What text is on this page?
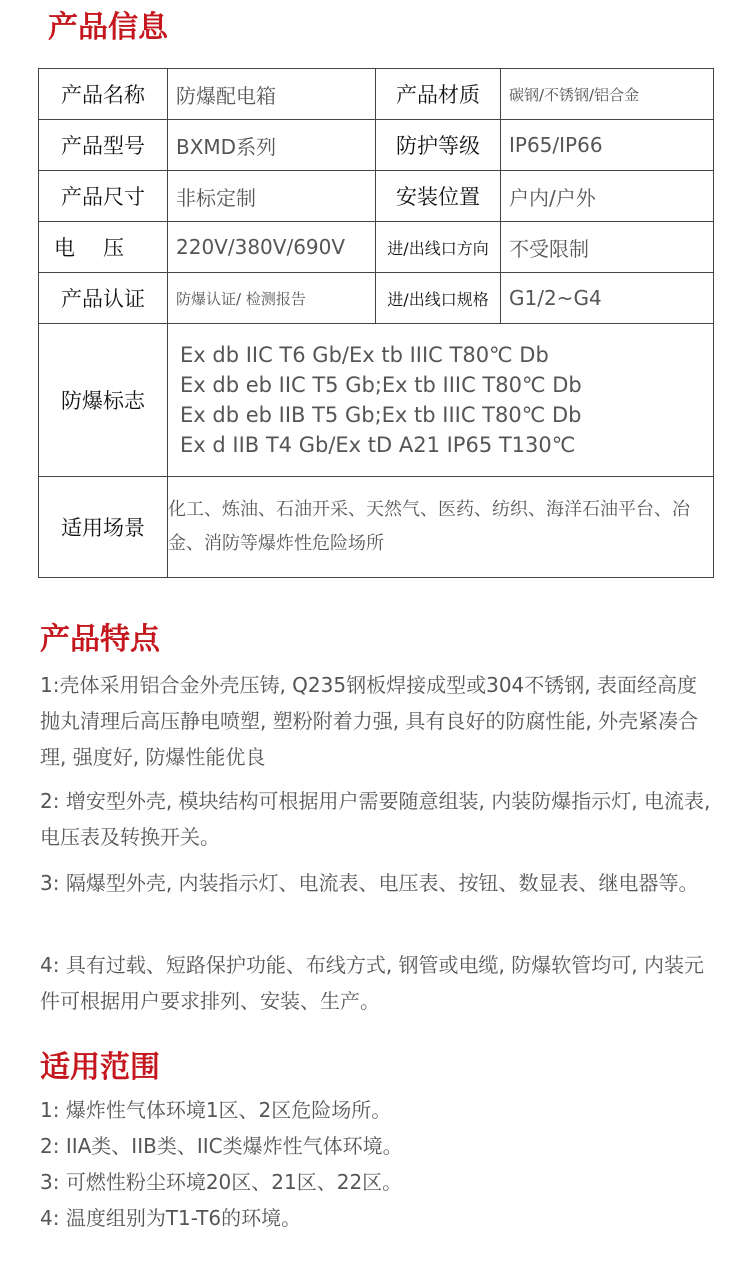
产品信息
产品名称	防爆配电箱	产品材质	碳钢/不锈钢/铝合金
产品型号	BXMD系列	防护等级	IP65/IP66
产品尺寸	非标定制	安装位置	户内/户外
电压	220V/380V/690V	进/出线口方向	不受限制
产品认证	防爆认证/ 检测报告	进/出线口规格	G1/2~G4
防爆标志	Ex db IIC T6 Gb/Ex tb IIIC T80℃ Db
Ex db eb IIC T5 Gb;Ex tb IIIC T80℃ Db
Ex db eb IIB T5 Gb;Ex tb IIIC T80℃ Db
Ex d IIB T4 Gb/Ex tD A21 IP65 T130℃		

适用场景	化工、炼油、石油开采、天然气、医药、纺织、海洋石油平台、冶金、消防等爆炸性危险场所		
产品特点

1:壳体采用铝合金外壳压铸, Q235钢板焊接成型或304不锈钢, 表面经高度抛丸清理后高压静电喷塑, 塑粉附着力强, 具有良好的防腐性能, 外壳紧凑合理, 强度好, 防爆性能优良

2: 增安型外壳, 模块结构可根据用户需要随意组装, 内装防爆指示灯, 电流表, 电压表及转换开关。

3: 隔爆型外壳, 内装指示灯、电流表、电压表、按钮、数显表、继电器等。

4: 具有过载、短路保护功能、布线方式, 钢管或电缆, 防爆软管均可, 内装元件可根据用户要求排列、安装、生产。

适用范围

1: 爆炸性气体环境1区、2区危险场所。

2: IIA类、IIB类、IIC类爆炸性气体环境。

3: 可燃性粉尘环境20区、21区、22区。

4: 温度组别为T1-T6的环境。
